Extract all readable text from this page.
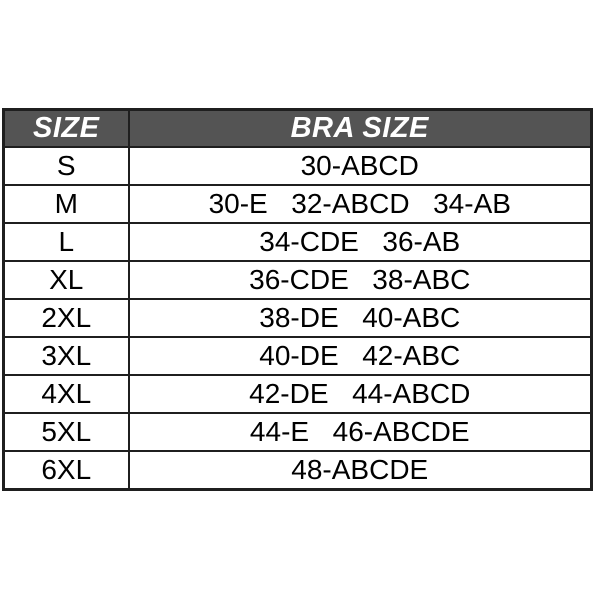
SIZE	BRA SIZE
S	30-ABCD
M	30-E  32-ABCD  34-AB
L	34-CDE  36-AB
XL	36-CDE  38-ABC
2XL	38-DE  40-ABC
3XL	40-DE  42-ABC
4XL	42-DE  44-ABCD
5XL	44-E  46-ABCDE
6XL	48-ABCDE
